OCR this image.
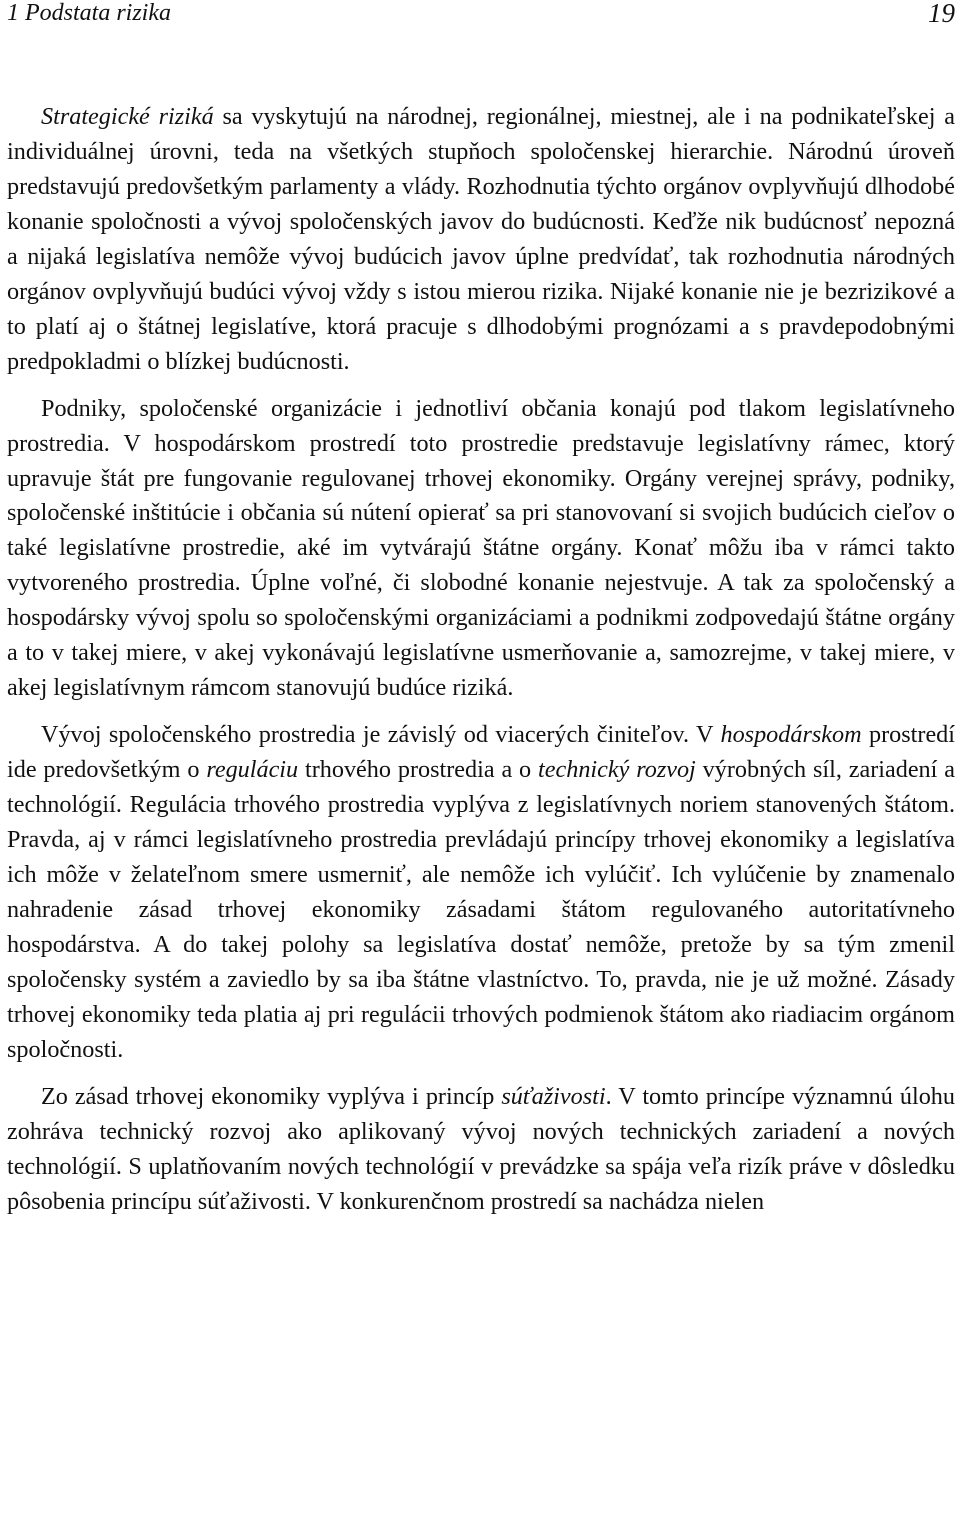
1 Podstata rizika	19

Strategické riziká sa vyskytujú na národnej, regionálnej, miestnej, ale i na podnikateľskej a individuálnej úrovni, teda na všetkých stupňoch spoločenskej hierarchie. Národnú úroveň predstavujú predovšetkým parlamenty a vlády. Rozhodnutia týchto orgánov ovplyvňujú dlhodobé konanie spoločnosti a vývoj spoločenských javov do budúcnosti. Keďže nik budúcnosť nepozná a nijaká legislatíva nemôže vývoj budúcich javov úplne predvídať, tak rozhodnutia národných orgánov ovplyvňujú budúci vývoj vždy s istou mierou rizika. Nijaké konanie nie je bezrizikové a to platí aj o štátnej legislatíve, ktorá pracuje s dlhodobými prognózami a s pravdepodobnými predpokladmi o blízkej budúcnosti.

Podniky, spoločenské organizácie i jednotliví občania konajú pod tlakom legislatívneho prostredia. V hospodárskom prostredí toto prostredie predstavuje legislatívny rámec, ktorý upravuje štát pre fungovanie regulovanej trhovej ekonomiky. Orgány verejnej správy, podniky, spoločenské inštitúcie i občania sú nútení opierať sa pri stanovovaní si svojich budúcich cieľov o také legislatívne prostredie, aké im vytvárajú štátne orgány. Konať môžu iba v rámci takto vytvoreného prostredia. Úplne voľné, či slobodné konanie nejestvuje. A tak za spoločenský a hospodársky vývoj spolu so spoločenskými organizáciami a podnikmi zodpovedajú štátne orgány a to v takej miere, v akej vykonávajú legislatívne usmerňovanie a, samozrejme, v takej miere, v akej legislatívnym rámcom stanovujú budúce riziká.

Vývoj spoločenského prostredia je závislý od viacerých činiteľov. V hospodárskom prostredí ide predovšetkým o reguláciu trhového prostredia a o technický rozvoj výrobných síl, zariadení a technológií. Regulácia trhového prostredia vyplýva z legislatívnych noriem stanovených štátom. Pravda, aj v rámci legislatívneho prostredia prevládajú princípy trhovej ekonomiky a legislatíva ich môže v želateľnom smere usmerniť, ale nemôže ich vylúčiť. Ich vylúčenie by znamenalo nahradenie zásad trhovej ekonomiky zásadami štátom regulovaného autoritatívneho hospodárstva. A do takej polohy sa legislatíva dostať nemôže, pretože by sa tým zmenil spoločensky systém a zaviedlo by sa iba štátne vlastníctvo. To, pravda, nie je už možné. Zásady trhovej ekonomiky teda platia aj pri regulácii trhových podmienok štátom ako riadiacim orgánom spoločnosti.

Zo zásad trhovej ekonomiky vyplýva i princíp súťaživosti. V tomto princípe významnú úlohu zohráva technický rozvoj ako aplikovaný vývoj nových technických zariadení a nových technológií. S uplatňovaním nových technológií v prevádzke sa spája veľa rizík práve v dôsledku pôsobenia princípu súťaživosti. V konkurenčnom prostredí sa nachádza nielen
